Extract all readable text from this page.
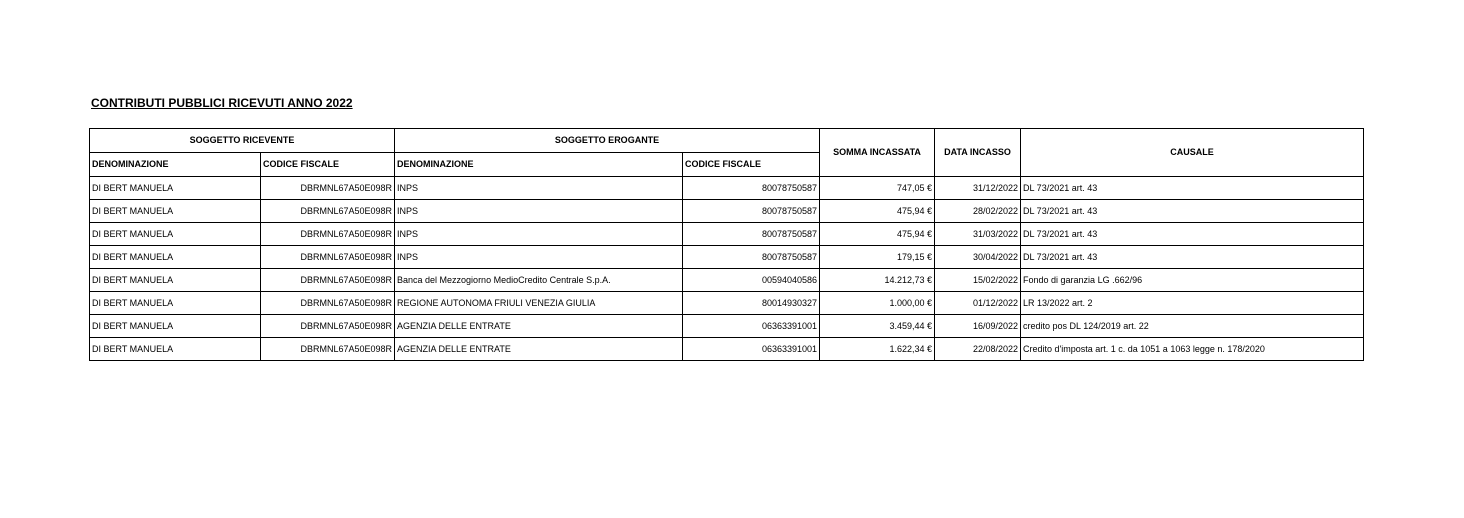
CONTRIBUTI PUBBLICI RICEVUTI ANNO 2022
SOGGETTO RICEVENTE		SOGGETTO EROGANTE		SOMMA INCASSATA	DATA INCASSO	CAUSALE
DENOMINAZIONE	CODICE FISCALE	DENOMINAZIONE	CODICE FISCALE			
DI BERT MANUELA	DBRMNL67A50E098R	INPS	80078750587	747,05 €	31/12/2022	DL 73/2021 art. 43
DI BERT MANUELA	DBRMNL67A50E098R	INPS	80078750587	475,94 €	28/02/2022	DL 73/2021 art. 43
DI BERT MANUELA	DBRMNL67A50E098R	INPS	80078750587	475,94 €	31/03/2022	DL 73/2021 art. 43
DI BERT MANUELA	DBRMNL67A50E098R	INPS	80078750587	179,15 €	30/04/2022	DL 73/2021 art. 43
DI BERT MANUELA	DBRMNL67A50E098R	Banca del Mezzogiorno MedioCredito Centrale S.p.A.	00594040586	14.212,73 €	15/02/2022	Fondo di garanzia LG .662/96
DI BERT MANUELA	DBRMNL67A50E098R	REGIONE AUTONOMA FRIULI VENEZIA GIULIA	80014930327	1.000,00 €	01/12/2022	LR 13/2022 art. 2
DI BERT MANUELA	DBRMNL67A50E098R	AGENZIA DELLE ENTRATE	06363391001	3.459,44 €	16/09/2022	credito pos DL 124/2019 art. 22
DI BERT MANUELA	DBRMNL67A50E098R	AGENZIA DELLE ENTRATE	06363391001	1.622,34 €	22/08/2022	Credito d'imposta art. 1 c. da 1051 a 1063 legge n. 178/2020
